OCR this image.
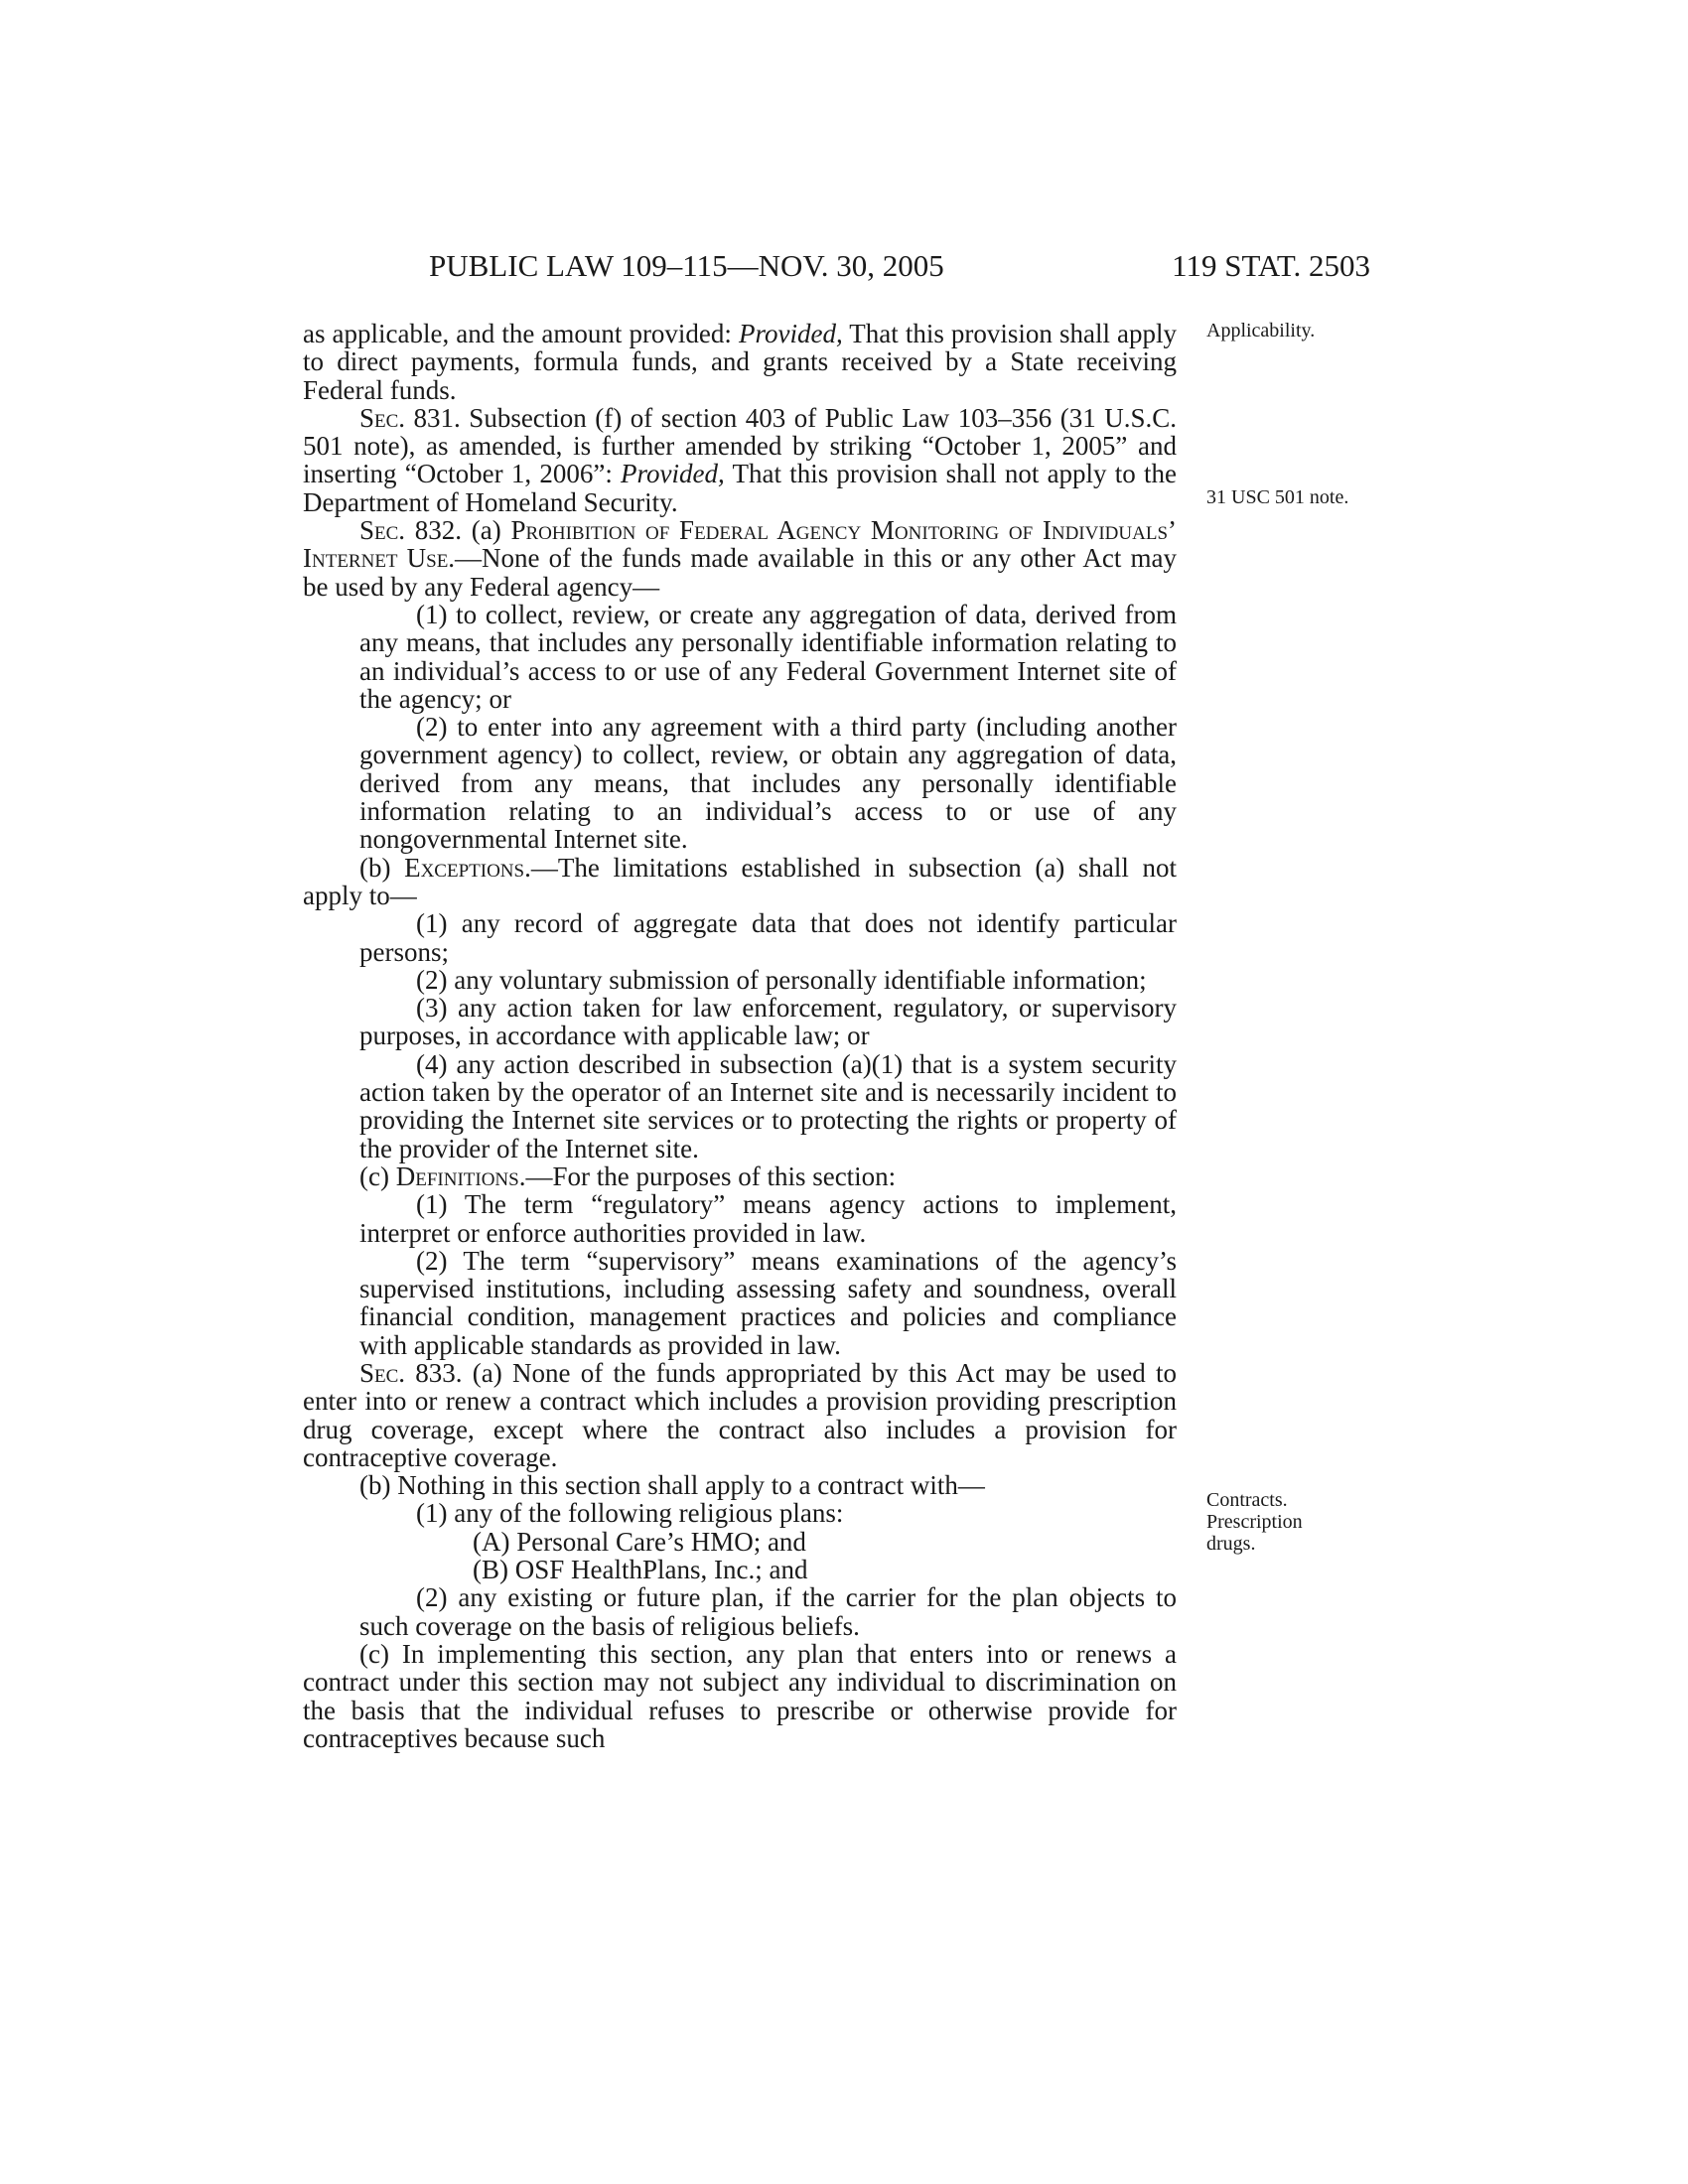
PUBLIC LAW 109–115—NOV. 30, 2005	119 STAT. 2503
Applicability.
31 USC 501 note.
Contracts.
Prescription
drugs.

as applicable, and the amount provided: Provided, That this provision shall apply to direct payments, formula funds, and grants received by a State receiving Federal funds.

Sec. 831. Subsection (f) of section 403 of Public Law 103–356 (31 U.S.C. 501 note), as amended, is further amended by striking “October 1, 2005” and inserting “October 1, 2006”: Provided, That this provision shall not apply to the Department of Homeland Security.

Sec. 832. (a) Prohibition of Federal Agency Monitoring of Individuals’ Internet Use.—None of the funds made available in this or any other Act may be used by any Federal agency—

(1) to collect, review, or create any aggregation of data, derived from any means, that includes any personally identifiable information relating to an individual’s access to or use of any Federal Government Internet site of the agency; or

(2) to enter into any agreement with a third party (including another government agency) to collect, review, or obtain any aggregation of data, derived from any means, that includes any personally identifiable information relating to an individual’s access to or use of any nongovernmental Internet site.

(b) Exceptions.—The limitations established in subsection (a) shall not apply to—

(1) any record of aggregate data that does not identify particular persons;

(2) any voluntary submission of personally identifiable information;

(3) any action taken for law enforcement, regulatory, or supervisory purposes, in accordance with applicable law; or

(4) any action described in subsection (a)(1) that is a system security action taken by the operator of an Internet site and is necessarily incident to providing the Internet site services or to protecting the rights or property of the provider of the Internet site.

(c) Definitions.—For the purposes of this section:

(1) The term “regulatory” means agency actions to implement, interpret or enforce authorities provided in law.

(2) The term “supervisory” means examinations of the agency’s supervised institutions, including assessing safety and soundness, overall financial condition, management practices and policies and compliance with applicable standards as provided in law.

Sec. 833. (a) None of the funds appropriated by this Act may be used to enter into or renew a contract which includes a provision providing prescription drug coverage, except where the contract also includes a provision for contraceptive coverage.

(b) Nothing in this section shall apply to a contract with—

(1) any of the following religious plans:

(A) Personal Care’s HMO; and

(B) OSF HealthPlans, Inc.; and

(2) any existing or future plan, if the carrier for the plan objects to such coverage on the basis of religious beliefs.

(c) In implementing this section, any plan that enters into or renews a contract under this section may not subject any individual to discrimination on the basis that the individual refuses to prescribe or otherwise provide for contraceptives because such
